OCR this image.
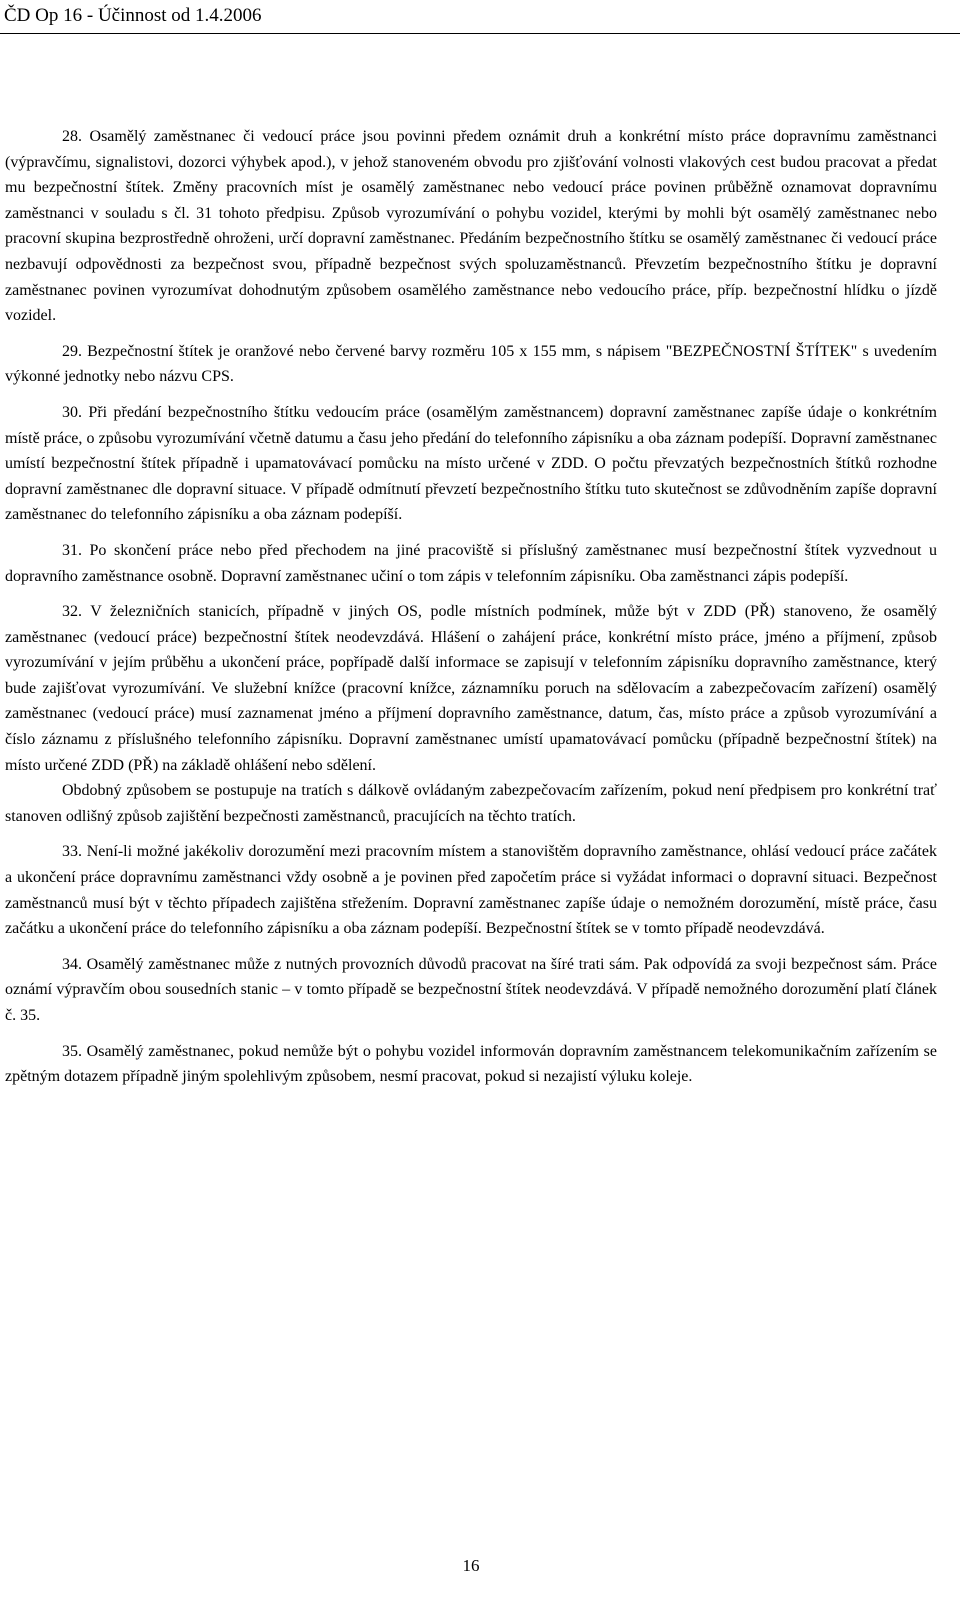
ČD Op 16 - Účinnost od 1.4.2006

28. Osamělý zaměstnanec či vedoucí práce jsou povinni předem oznámit druh a konkrétní místo práce dopravnímu zaměstnanci (výpravčímu, signalistovi, dozorci výhybek apod.), v jehož stanoveném obvodu pro zjišťování volnosti vlakových cest budou pracovat a předat mu bezpečnostní štítek. Změny pracovních míst je osamělý zaměstnanec nebo vedoucí práce povinen průběžně oznamovat dopravnímu zaměstnanci v souladu s čl. 31 tohoto předpisu. Způsob vyrozumívání o pohybu vozidel, kterými by mohli být osamělý zaměstnanec nebo pracovní skupina bezprostředně ohroženi, určí dopravní zaměstnanec. Předáním bezpečnostního štítku se osamělý zaměstnanec či vedoucí práce nezbavují odpovědnosti za bezpečnost svou, případně bezpečnost svých spoluzaměstnanců. Převzetím bezpečnostního štítku je dopravní zaměstnanec povinen vyrozumívat dohodnutým způsobem osamělého zaměstnance nebo vedoucího práce, příp. bezpečnostní hlídku o jízdě vozidel.

29. Bezpečnostní štítek je oranžové nebo červené barvy rozměru 105 x 155 mm, s nápisem "BEZPEČNOSTNÍ ŠTÍTEK" s uvedením výkonné jednotky nebo názvu CPS.

30. Při předání bezpečnostního štítku vedoucím práce (osamělým zaměstnancem) dopravní zaměstnanec zapíše údaje o konkrétním místě práce, o způsobu vyrozumívání včetně datumu a času jeho předání do telefonního zápisníku a oba záznam podepíší. Dopravní zaměstnanec umístí bezpečnostní štítek případně i upamatovávací pomůcku na místo určené v ZDD. O počtu převzatých bezpečnostních štítků rozhodne dopravní zaměstnanec dle dopravní situace. V případě odmítnutí převzetí bezpečnostního štítku tuto skutečnost se zdůvodněním zapíše dopravní zaměstnanec do telefonního zápisníku a oba záznam podepíší.

31. Po skončení práce nebo před přechodem na jiné pracoviště si příslušný zaměstnanec musí bezpečnostní štítek vyzvednout u dopravního zaměstnance osobně. Dopravní zaměstnanec učiní o tom zápis v telefonním zápisníku. Oba zaměstnanci zápis podepíší.

32. V železničních stanicích, případně v jiných OS, podle místních podmínek, může být v ZDD (PŘ) stanoveno, že osamělý zaměstnanec (vedoucí práce) bezpečnostní štítek neodevzdává. Hlášení o zahájení práce, konkrétní místo práce, jméno a příjmení, způsob vyrozumívání v jejím průběhu a ukončení práce, popřípadě další informace se zapisují v telefonním zápisníku dopravního zaměstnance, který bude zajišťovat vyrozumívání. Ve služební knížce (pracovní knížce, záznamníku poruch na sdělovacím a zabezpečovacím zařízení) osamělý zaměstnanec (vedoucí práce) musí zaznamenat jméno a příjmení dopravního zaměstnance, datum, čas, místo práce a způsob vyrozumívání a číslo záznamu z příslušného telefonního zápisníku. Dopravní zaměstnanec umístí upamatovávací pomůcku (případně bezpečnostní štítek) na místo určené ZDD (PŘ) na základě ohlášení nebo sdělení.

Obdobný způsobem se postupuje na tratích s dálkově ovládaným zabezpečovacím zařízením, pokud není předpisem pro konkrétní trať stanoven odlišný způsob zajištění bezpečnosti zaměstnanců, pracujících na těchto tratích.

33. Není-li možné jakékoliv dorozumění mezi pracovním místem a stanovištěm dopravního zaměstnance, ohlásí vedoucí práce začátek a ukončení práce dopravnímu zaměstnanci vždy osobně a je povinen před započetím práce si vyžádat informaci o dopravní situaci. Bezpečnost zaměstnanců musí být v těchto případech zajištěna střežením. Dopravní zaměstnanec zapíše údaje o nemožném dorozumění, místě práce, času začátku a ukončení práce do telefonního zápisníku a oba záznam podepíší. Bezpečnostní štítek se v tomto případě neodevzdává.

34. Osamělý zaměstnanec může z nutných provozních důvodů pracovat na šíré trati sám. Pak odpovídá za svoji bezpečnost sám. Práce oznámí výpravčím obou sousedních stanic – v tomto případě se bezpečnostní štítek neodevzdává. V případě nemožného dorozumění platí článek č. 35.

35. Osamělý zaměstnanec, pokud nemůže být o pohybu vozidel informován dopravním zaměstnancem telekomunikačním zařízením se zpětným dotazem případně jiným spolehlivým způsobem, nesmí pracovat, pokud si nezajistí výluku koleje.

16
